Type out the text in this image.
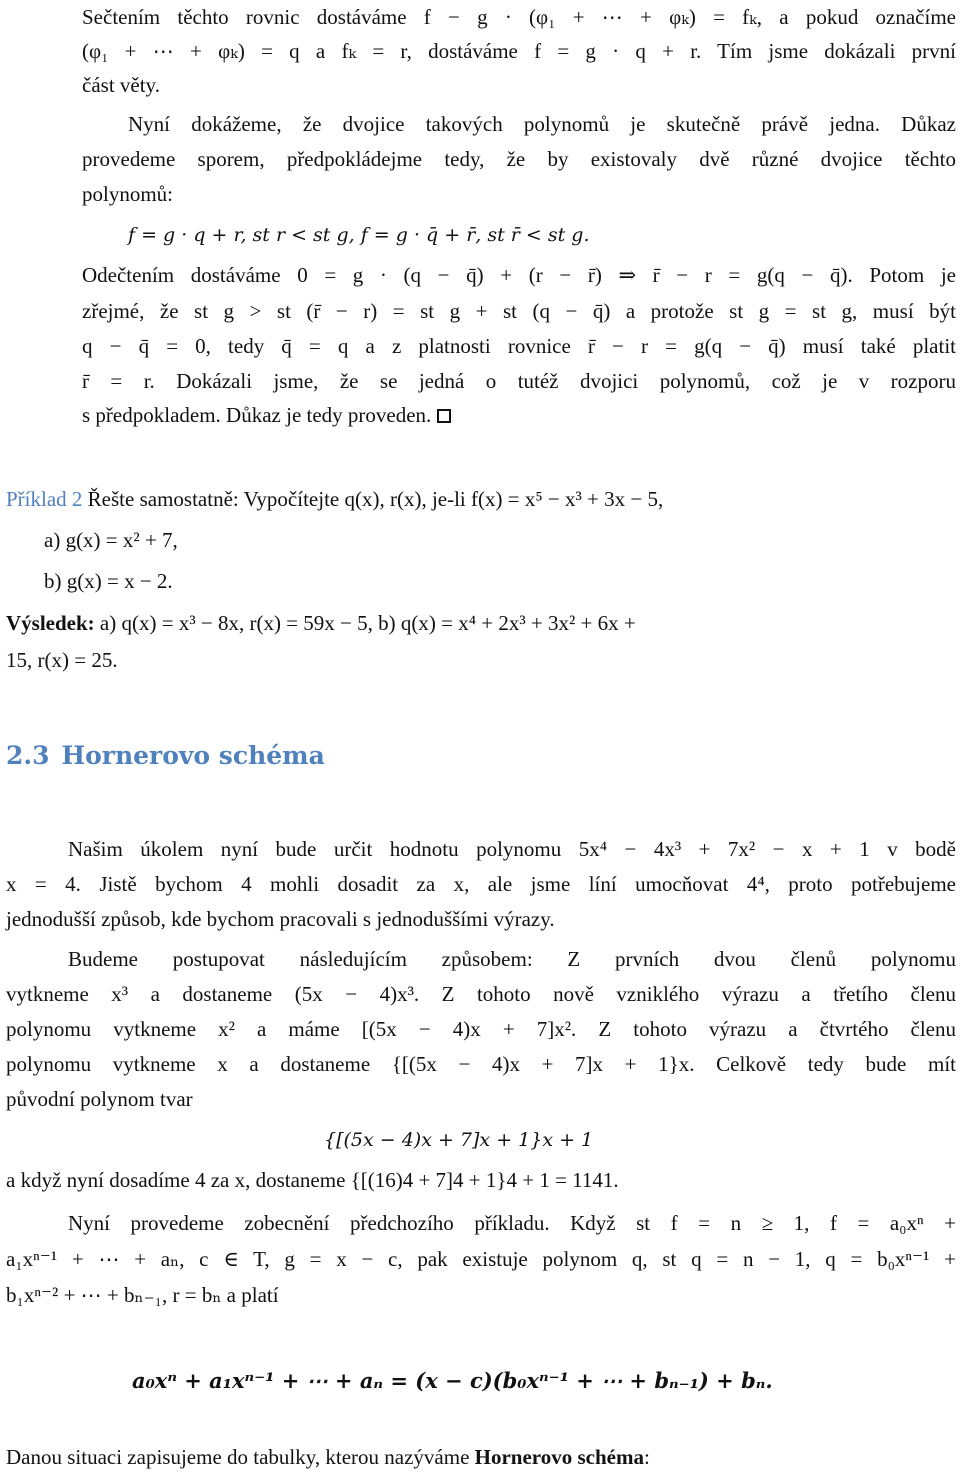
Sečtením těchto rovnic dostáváme f − g · (φ₁ + ⋯ + φₖ) = fₖ, a pokud označíme
(φ₁ + ⋯ + φₖ) = q a fₖ = r, dostáváme f = g · q + r. Tím jsme dokázali první
část věty.
Nyní dokážeme, že dvojice takových polynomů je skutečně právě jedna. Důkaz
provedeme sporem, předpokládejme tedy, že by existovaly dvě různé dvojice těchto
polynomů:
f = g · q + r, st r < st g, f = g · q̄ + r̄, st r̄ < st g.
Odečtením dostáváme 0 = g · (q − q̄) + (r − r̄) ⇒ r̄ − r = g(q − q̄). Potom je
zřejmé, že st g > st (r̄ − r) = st g + st (q − q̄) a protože st g = st g, musí být
q − q̄ = 0, tedy q̄ = q a z platnosti rovnice r̄ − r = g(q − q̄) musí také platit
r̄ = r. Dokázali jsme, že se jedná o tutéž dvojici polynomů, což je v rozporu
s předpokladem. Důkaz je tedy proveden.
Příklad 2 Řešte samostatně: Vypočítejte q(x), r(x), je-li f(x) = x⁵ − x³ + 3x − 5,
a) g(x) = x² + 7,
b) g(x) = x − 2.
Výsledek: a) q(x) = x³ − 8x, r(x) = 59x − 5, b) q(x) = x⁴ + 2x³ + 3x² + 6x +
15, r(x) = 25.
2.3 Hornerovo schéma
Našim úkolem nyní bude určit hodnotu polynomu 5x⁴ − 4x³ + 7x² − x + 1 v bodě
x = 4. Jistě bychom 4 mohli dosadit za x, ale jsme líní umocňovat 4⁴, proto potřebujeme
jednodušší způsob, kde bychom pracovali s jednoduššími výrazy.
Budeme postupovat následujícím způsobem: Z prvních dvou členů polynomu
vytkneme x³ a dostaneme (5x − 4)x³. Z tohoto nově vzniklého výrazu a třetího členu
polynomu vytkneme x² a máme [(5x − 4)x + 7]x². Z tohoto výrazu a čtvrtého členu
polynomu vytkneme x a dostaneme {[(5x − 4)x + 7]x + 1}x. Celkově tedy bude mít
původní polynom tvar
{[(5x − 4)x + 7]x + 1}x + 1
a když nyní dosadíme 4 za x, dostaneme {[(16)4 + 7]4 + 1}4 + 1 = 1141.
Nyní provedeme zobecnění předchozího příkladu. Když st f = n ≥ 1, f = a₀xⁿ +
a₁xⁿ⁻¹ + ⋯ + aₙ, c ∈ T, g = x − c, pak existuje polynom q, st q = n − 1, q = b₀xⁿ⁻¹ +
b₁xⁿ⁻² + ⋯ + bₙ₋₁, r = bₙ a platí
a₀xⁿ + a₁xⁿ⁻¹ + ⋯ + aₙ = (x − c)(b₀xⁿ⁻¹ + ⋯ + bₙ₋₁) + bₙ.
Danou situaci zapisujeme do tabulky, kterou nazýváme Hornerovo schéma:
